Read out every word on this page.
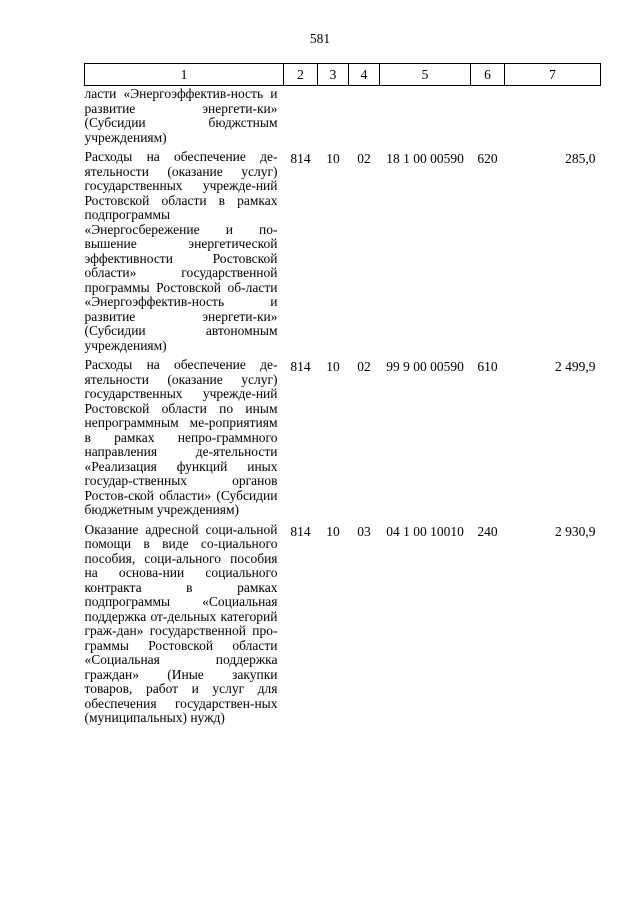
581
1	2	3	4	5	6	7
ласти «Энергоэффектив-ность и развитие энергети-ки» (Субсидии бюджстным учреждениям)						
Расходы на обеспечение де-ятельности (оказание услуг) государственных учрежде-ний Ростовской области в рамках подпрограммы «Энергосбережение и по-вышение энергетической эффективности Ростовской области» государственной программы Ростовской об-ласти «Энергоэффектив-ность и развитие энергети-ки» (Субсидии автономным учреждениям)	814	10	02	18 1 00 00590	620	285,0
Расходы на обеспечение де-ятельности (оказание услуг) государственных учрежде-ний Ростовской области по иным непрограммным ме-роприятиям в рамках непро-граммного направления де-ятельности «Реализация функций иных государ-ственных органов Ростов-ской области» (Субсидии бюджетным учреждениям)	814	10	02	99 9 00 00590	610	2 499,9
Оказание адресной соци-альной помощи в виде со-циального пособия, соци-ального пособия на основа-нии социального контракта в рамках подпрограммы «Социальная поддержка от-дельных категорий граж-дан» государственной про-граммы Ростовской области «Социальная поддержка граждан» (Иные закупки товаров, работ и услуг для обеспечения государствен-ных (муниципальных) нужд)	814	10	03	04 1 00 10010	240	2 930,9
